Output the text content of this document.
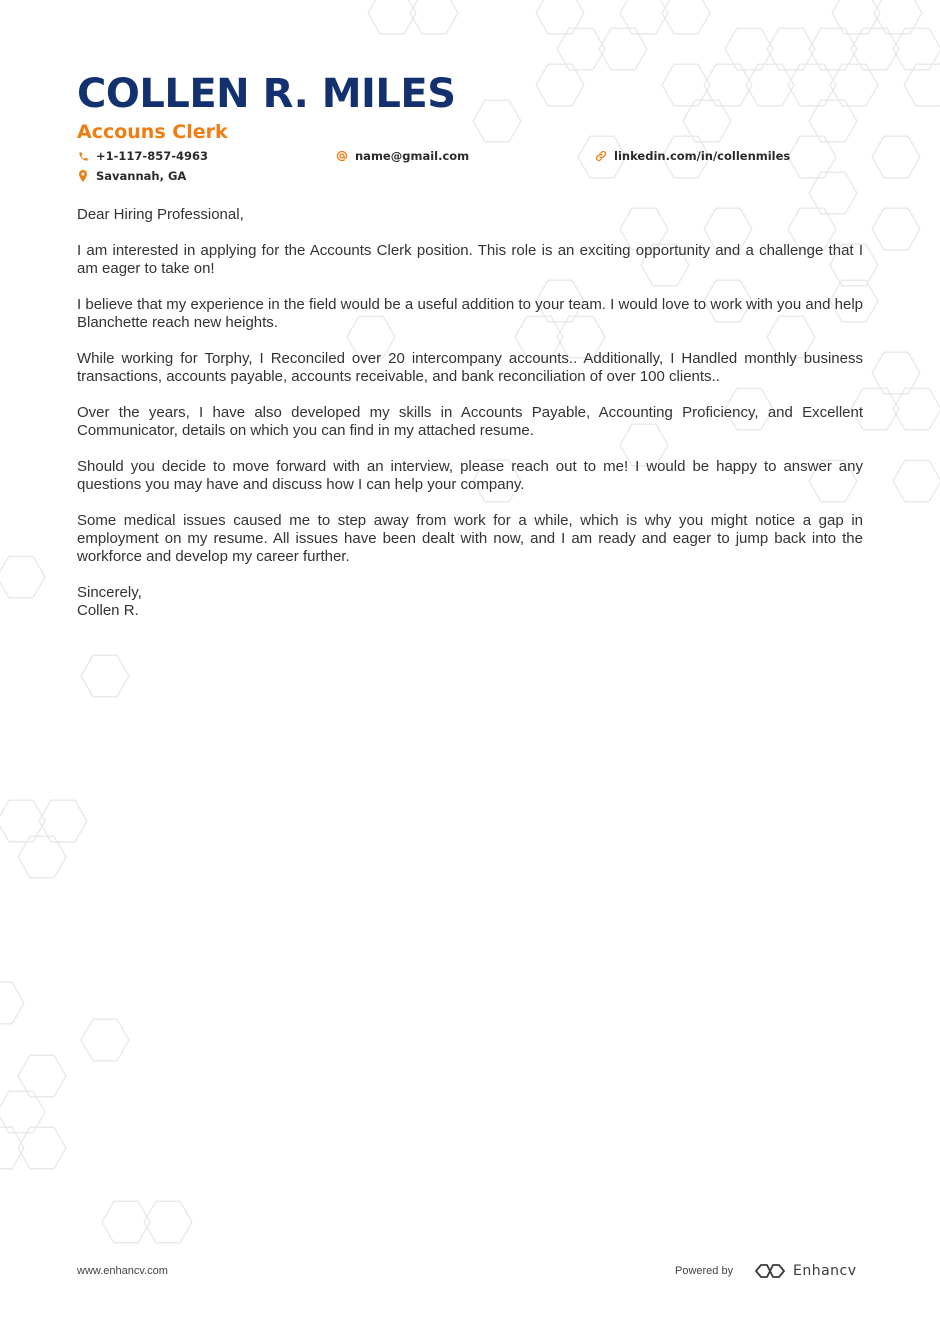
COLLEN R. MILES
Accouns Clerk
+1-117-857-4963	name@gmail.com	linkedin.com/in/collenmiles
Savannah, GA

Dear Hiring Professional,

I am interested in applying for the Accounts Clerk position. This role is an exciting opportunity and a challenge that I am eager to take on!

I believe that my experience in the field would be a useful addition to your team. I would love to work with you and help Blanchette reach new heights.

While working for Torphy, I Reconciled over 20 intercompany accounts.. Additionally, I Handled monthly business transactions, accounts payable, accounts receivable, and bank reconciliation of over 100 clients..

Over the years, I have also developed my skills in Accounts Payable, Accounting Proficiency, and Excellent Communicator, details on which you can find in my attached resume.

Should you decide to move forward with an interview, please reach out to me! I would be happy to answer any questions you may have and discuss how I can help your company.

Some medical issues caused me to step away from work for a while, which is why you might notice a gap in employment on my resume. All issues have been dealt with now, and I am ready and eager to jump back into the workforce and develop my career further.

Sincerely,
Collen R.
www.enhancv.com	Powered by	Enhancv
